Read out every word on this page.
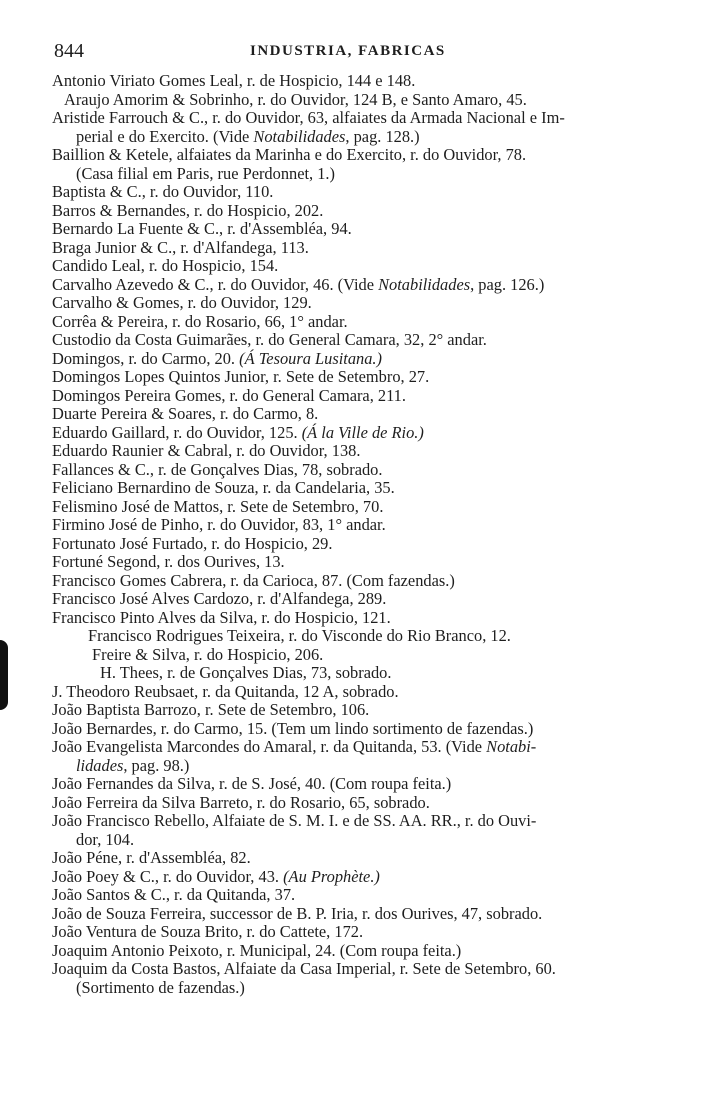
844	INDUSTRIA, FABRICAS
Antonio Viriato Gomes Leal, r. de Hospicio, 144 e 148.
Araujo Amorim & Sobrinho, r. do Ouvidor, 124 B, e Santo Amaro, 45.
Aristide Farrouch & C., r. do Ouvidor, 63, alfaiates da Armada Nacional e Im-
perial e do Exercito. (Vide Notabilidades, pag. 128.)
Baillion & Ketele, alfaiates da Marinha e do Exercito, r. do Ouvidor, 78.
(Casa filial em Paris, rue Perdonnet, 1.)
Baptista & C., r. do Ouvidor, 110.
Barros & Bernandes, r. do Hospicio, 202.
Bernardo La Fuente & C., r. d'Assembléa, 94.
Braga Junior & C., r. d'Alfandega, 113.
Candido Leal, r. do Hospicio, 154.
Carvalho Azevedo & C., r. do Ouvidor, 46. (Vide Notabilidades, pag. 126.)
Carvalho & Gomes, r. do Ouvidor, 129.
Corrêa & Pereira, r. do Rosario, 66, 1° andar.
Custodio da Costa Guimarães, r. do General Camara, 32, 2° andar.
Domingos, r. do Carmo, 20. (Á Tesoura Lusitana.)
Domingos Lopes Quintos Junior, r. Sete de Setembro, 27.
Domingos Pereira Gomes, r. do General Camara, 211.
Duarte Pereira & Soares, r. do Carmo, 8.
Eduardo Gaillard, r. do Ouvidor, 125. (Á la Ville de Rio.)
Eduardo Raunier & Cabral, r. do Ouvidor, 138.
Fallances & C., r. de Gonçalves Dias, 78, sobrado.
Feliciano Bernardino de Souza, r. da Candelaria, 35.
Felismino José de Mattos, r. Sete de Setembro, 70.
Firmino José de Pinho, r. do Ouvidor, 83, 1° andar.
Fortunato José Furtado, r. do Hospicio, 29.
Fortuné Segond, r. dos Ourives, 13.
Francisco Gomes Cabrera, r. da Carioca, 87. (Com fazendas.)
Francisco José Alves Cardozo, r. d'Alfandega, 289.
Francisco Pinto Alves da Silva, r. do Hospicio, 121.
Francisco Rodrigues Teixeira, r. do Visconde do Rio Branco, 12.
Freire & Silva, r. do Hospicio, 206.
H. Thees, r. de Gonçalves Dias, 73, sobrado.
J. Theodoro Reubsaet, r. da Quitanda, 12 A, sobrado.
João Baptista Barrozo, r. Sete de Setembro, 106.
João Bernardes, r. do Carmo, 15. (Tem um lindo sortimento de fazendas.)
João Evangelista Marcondes do Amaral, r. da Quitanda, 53. (Vide Notabi-
lidades, pag. 98.)
João Fernandes da Silva, r. de S. José, 40. (Com roupa feita.)
João Ferreira da Silva Barreto, r. do Rosario, 65, sobrado.
João Francisco Rebello, Alfaiate de S. M. I. e de SS. AA. RR., r. do Ouvi-
dor, 104.
João Péne, r. d'Assembléa, 82.
João Poey & C., r. do Ouvidor, 43. (Au Prophète.)
João Santos & C., r. da Quitanda, 37.
João de Souza Ferreira, successor de B. P. Iria, r. dos Ourives, 47, sobrado.
João Ventura de Souza Brito, r. do Cattete, 172.
Joaquim Antonio Peixoto, r. Municipal, 24. (Com roupa feita.)
Joaquim da Costa Bastos, Alfaiate da Casa Imperial, r. Sete de Setembro, 60.
(Sortimento de fazendas.)
